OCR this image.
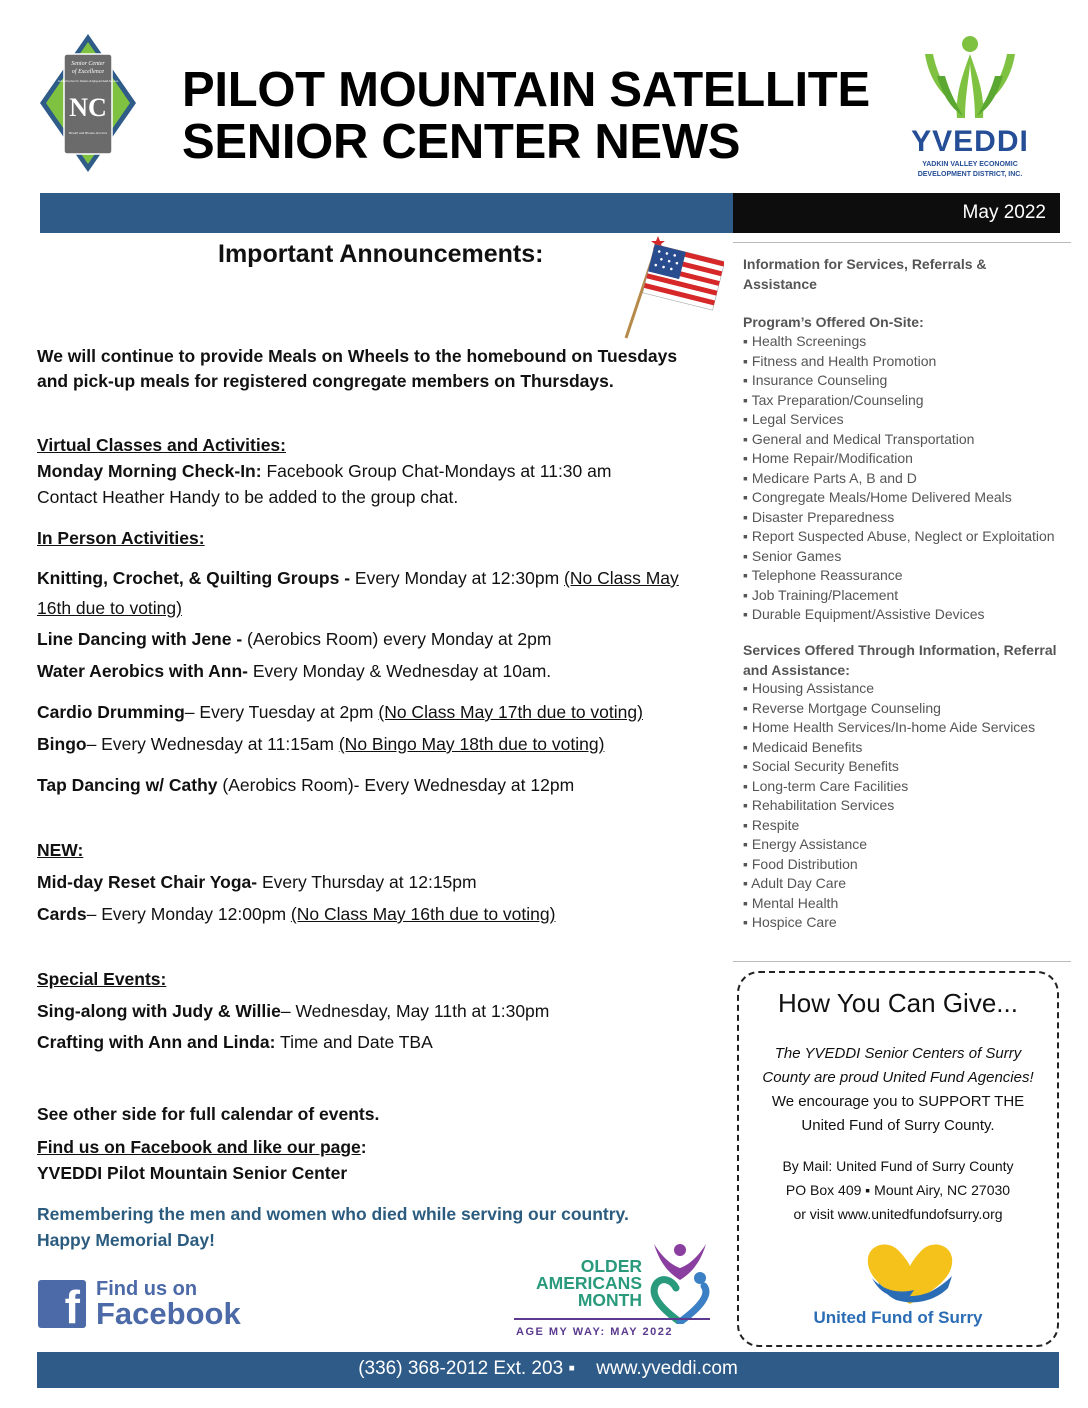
Senior Center
of Excellence
Certified by the N.C. Division of Aging and Adult Services
NC
Health and Human Services
PILOT MOUNTAIN SATELLITE
SENIOR CENTER NEWS	YVEDDI
YADKIN VALLEY ECONOMIC
DEVELOPMENT DISTRICT, INC.
May 2022
Important Announcements:
We will continue to provide Meals on Wheels to the homebound on Tuesdays
and pick-up meals for registered congregate members on Thursdays.
Virtual Classes and Activities:
Monday Morning Check-In: Facebook Group Chat-Mondays at 11:30 am
Contact Heather Handy to be added to the group chat.
In Person Activities:
Knitting, Crochet, & Quilting Groups - Every Monday at 12:30pm (No Class May
16th due to voting)
Line Dancing with Jene - (Aerobics Room) every Monday at 2pm
Water Aerobics with Ann- Every Monday & Wednesday at 10am.
Cardio Drumming– Every Tuesday at 2pm (No Class May 17th due to voting)
Bingo– Every Wednesday at 11:15am (No Bingo May 18th due to voting)
Tap Dancing w/ Cathy (Aerobics Room)- Every Wednesday at 12pm
NEW:
Mid-day Reset Chair Yoga- Every Thursday at 12:15pm
Cards– Every Monday 12:00pm (No Class May 16th due to voting)
Special Events:
Sing-along with Judy & Willie– Wednesday, May 11th at 1:30pm
Crafting with Ann and Linda: Time and Date TBA
See other side for full calendar of events.
Find us on Facebook and like our page:
YVEDDI Pilot Mountain Senior Center
Remembering the men and women who died while serving our country.
Happy Memorial Day!
f Find us on
Facebook
OLDER
AMERICANS
MONTH
AGE MY WAY: MAY 2022
Information for Services, Referrals & Assistance
Program’s Offered On-Site:
▪ Health Screenings
▪ Fitness and Health Promotion
▪ Insurance Counseling
▪ Tax Preparation/Counseling
▪ Legal Services
▪ General and Medical Transportation
▪ Home Repair/Modification
▪ Medicare Parts A, B and D
▪ Congregate Meals/Home Delivered Meals
▪ Disaster Preparedness
▪ Report Suspected Abuse, Neglect or Exploitation
▪ Senior Games
▪ Telephone Reassurance
▪ Job Training/Placement
▪ Durable Equipment/Assistive Devices
Services Offered Through Information, Referral and Assistance:
▪ Housing Assistance
▪ Reverse Mortgage Counseling
▪ Home Health Services/In-home Aide Services
▪ Medicaid Benefits
▪ Social Security Benefits
▪ Long-term Care Facilities
▪ Rehabilitation Services
▪ Respite
▪ Energy Assistance
▪ Food Distribution
▪ Adult Day Care
▪ Mental Health
▪ Hospice Care
How You Can Give...
The YVEDDI Senior Centers of Surry
County are proud United Fund Agencies!
We encourage you to SUPPORT THE
United Fund of Surry County.
By Mail: United Fund of Surry County
PO Box 409 ▪ Mount Airy, NC 27030
or visit www.unitedfundofsurry.org
United Fund of Surry
(336) 368-2012 Ext. 203 ▪ www.yveddi.com
